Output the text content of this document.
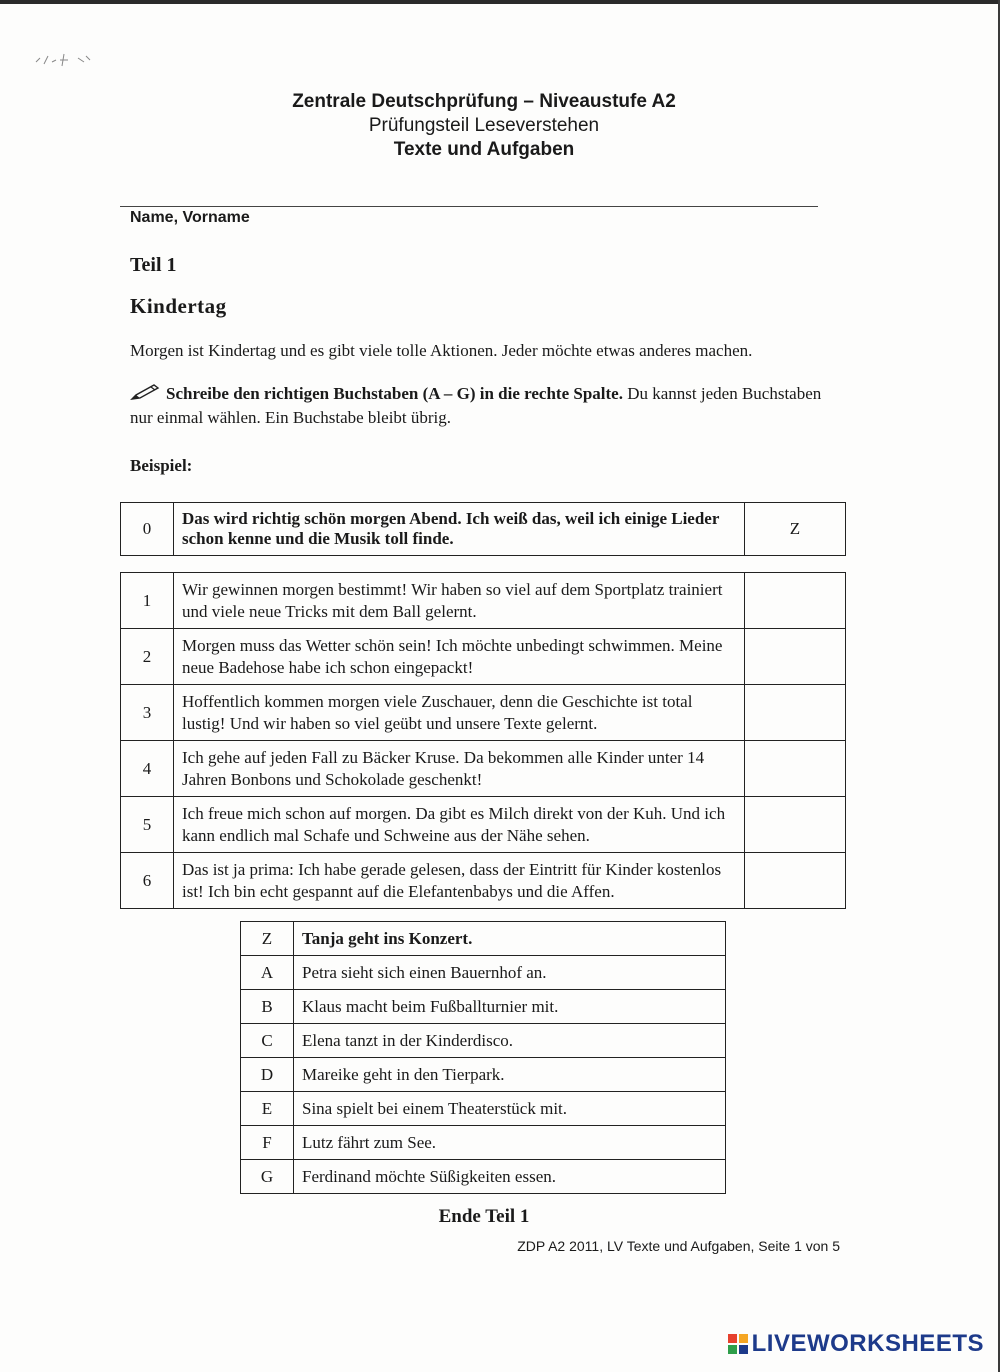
Zentrale Deutschprüfung – Niveaustufe A2
Prüfungsteil Leseverstehen
Texte und Aufgaben
Name, Vorname
Teil 1
Kindertag
Morgen ist Kindertag und es gibt viele tolle Aktionen. Jeder möchte etwas anderes machen.
Schreibe den richtigen Buchstaben (A – G) in die rechte Spalte. Du kannst jeden Buchstaben nur einmal wählen. Ein Buchstabe bleibt übrig.
Beispiel:
0	Das wird richtig schön morgen Abend. Ich weiß das, weil ich einige Lieder schon kenne und die Musik toll finde.	Z
1	Wir gewinnen morgen bestimmt! Wir haben so viel auf dem Sportplatz trainiert und viele neue Tricks mit dem Ball gelernt.	
2	Morgen muss das Wetter schön sein! Ich möchte unbedingt schwimmen. Meine neue Badehose habe ich schon eingepackt!	
3	Hoffentlich kommen morgen viele Zuschauer, denn die Geschichte ist total lustig! Und wir haben so viel geübt und unsere Texte gelernt.	
4	Ich gehe auf jeden Fall zu Bäcker Kruse. Da bekommen alle Kinder unter 14 Jahren Bonbons und Schokolade geschenkt!	
5	Ich freue mich schon auf morgen. Da gibt es Milch direkt von der Kuh. Und ich kann endlich mal Schafe und Schweine aus der Nähe sehen.	
6	Das ist ja prima: Ich habe gerade gelesen, dass der Eintritt für Kinder kostenlos ist! Ich bin echt gespannt auf die Elefantenbabys und die Affen.	
Z	Tanja geht ins Konzert.
A	Petra sieht sich einen Bauernhof an.
B	Klaus macht beim Fußballturnier mit.
C	Elena tanzt in der Kinderdisco.
D	Mareike geht in den Tierpark.
E	Sina spielt bei einem Theaterstück mit.
F	Lutz fährt zum See.
G	Ferdinand möchte Süßigkeiten essen.
Ende Teil 1
ZDP A2 2011, LV Texte und Aufgaben, Seite 1 von 5
LIVEWORKSHEETS
